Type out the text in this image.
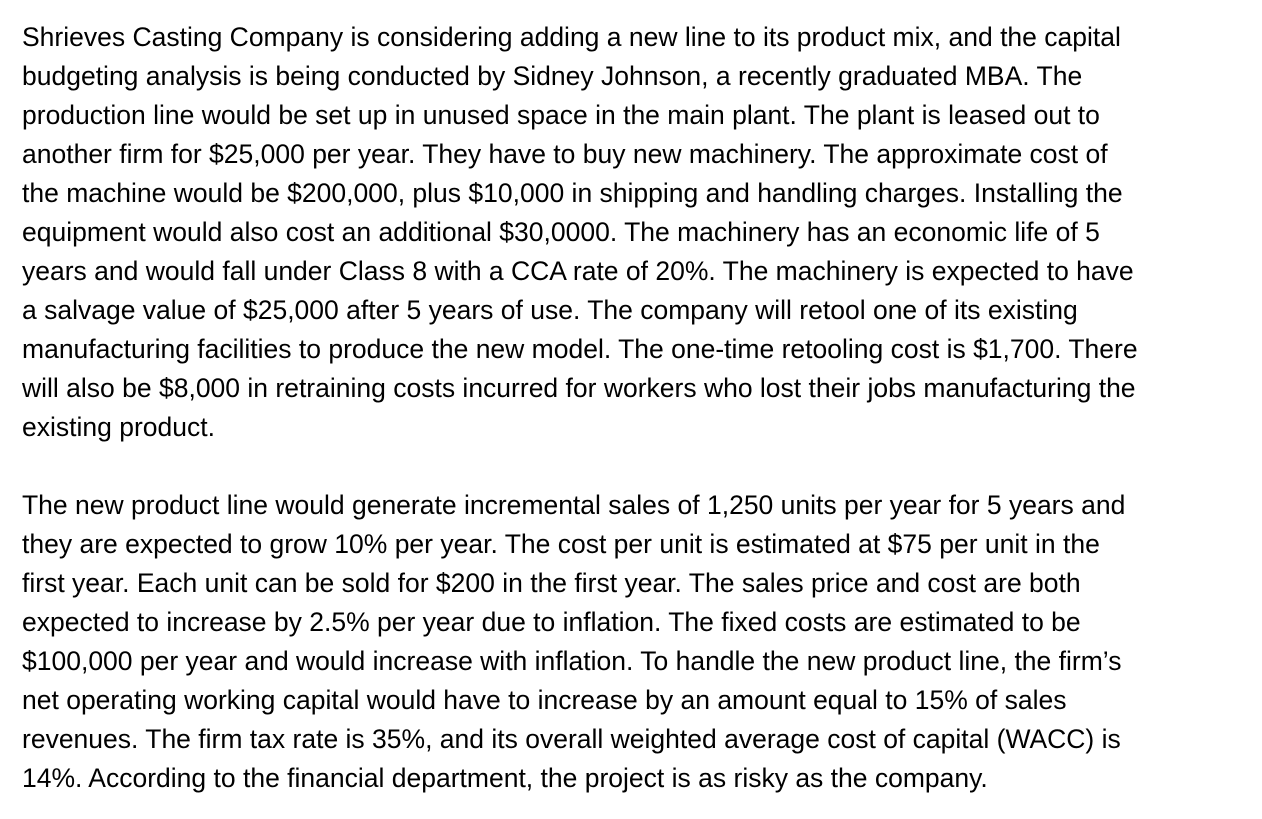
Shrieves Casting Company is considering adding a new line to its product mix, and the capital
budgeting analysis is being conducted by Sidney Johnson, a recently graduated MBA. The
production line would be set up in unused space in the main plant. The plant is leased out to
another firm for $25,000 per year. They have to buy new machinery. The approximate cost of
the machine would be $200,000, plus $10,000 in shipping and handling charges. Installing the
equipment would also cost an additional $30,0000. The machinery has an economic life of 5
years and would fall under Class 8 with a CCA rate of 20%. The machinery is expected to have
a salvage value of $25,000 after 5 years of use. The company will retool one of its existing
manufacturing facilities to produce the new model. The one-time retooling cost is $1,700. There
will also be $8,000 in retraining costs incurred for workers who lost their jobs manufacturing the
existing product.

The new product line would generate incremental sales of 1,250 units per year for 5 years and
they are expected to grow 10% per year. The cost per unit is estimated at $75 per unit in the
first year. Each unit can be sold for $200 in the first year. The sales price and cost are both
expected to increase by 2.5% per year due to inflation. The fixed costs are estimated to be
$100,000 per year and would increase with inflation. To handle the new product line, the firm’s
net operating working capital would have to increase by an amount equal to 15% of sales
revenues. The firm tax rate is 35%, and its overall weighted average cost of capital (WACC) is
14%. According to the financial department, the project is as risky as the company.
